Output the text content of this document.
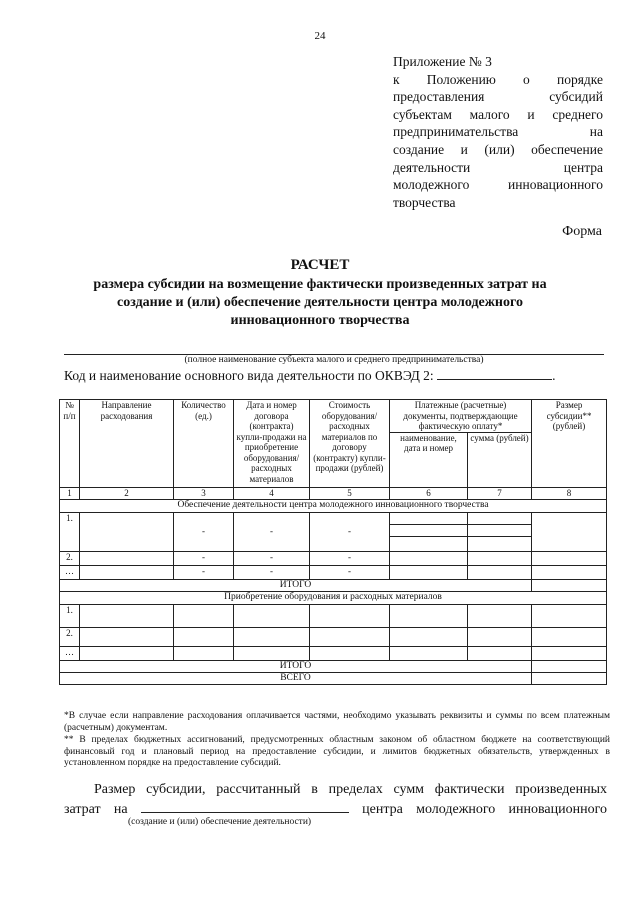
24
Приложение № 3
к Положению о порядке
предоставления субсидий
субъектам малого и среднего
предпринимательства на
создание и (или) обеспечение
деятельности центра
молодежного инновационного
творчества
Форма
РАСЧЕТ
размера субсидии на возмещение фактически произведенных затрат на создание и (или) обеспечение деятельности центра молодежного инновационного творчества
(полное наименование субъекта малого и среднего предпринимательства)
Код и наименование основного вида деятельности по ОКВЭД 2:	.
№ п/п	Направление расходования	Количество (ед.)	Дата и номер договора (контракта) купли-продажи на приобретение оборудования/ расходных материалов	Стоимость оборудования/ расходных материалов по договору (контракту) купли-продажи (рублей)	Платежные (расчетные) документы, подтверждающие фактическую оплату*		Размер субсидии** (рублей)
					наименование, дата и номер	сумма (рублей)	
1	2	3	4	5	6	7	8
Обеспечение деятельности центра молодежного инновационного творчества							
1.		-	-	-	

2.		-	-	-			
…		-	-	-			
ИТОГО							
Приобретение оборудования и расходных материалов							
1.							
2.							
…							
ИТОГО							
ВСЕГО							
*В случае если направление расходования оплачивается частями, необходимо указывать реквизиты и суммы по всем платежным (расчетным) документам.
** В пределах бюджетных ассигнований, предусмотренных областным законом об областном бюджете на соответствующий финансовый год и плановый период на предоставление субсидии, и лимитов бюджетных обязательств, утвержденных в установленном порядке на предоставление субсидий.
Размер субсидии, рассчитанный в пределах сумм фактически произведенных
затрат на	центра молодежного инновационного
(создание и (или) обеспечение деятельности)
